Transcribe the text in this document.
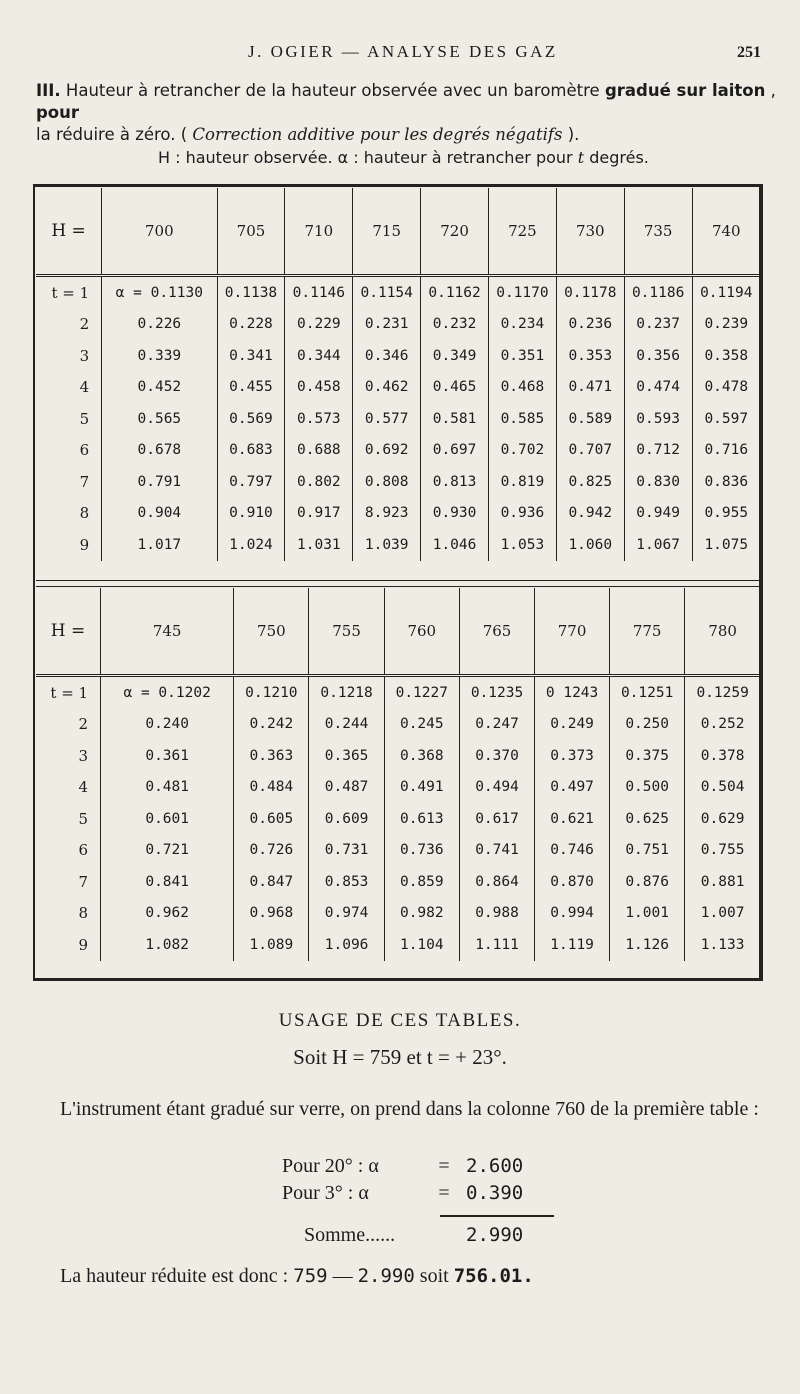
J. OGIER — ANALYSE DES GAZ	251
III. Hauteur à retrancher de la hauteur observée avec un baromètre gradué sur laiton , pour
la réduire à zéro. ( Correction additive pour les degrés négatifs ).
H : hauteur observée. α : hauteur à retrancher pour t degrés.
H =	700	705	710	715	720	725	730	735	740

t = 1	α = 0.1130	0.1138	0.1146	0.1154	0.1162	0.1170	0.1178	0.1186	0.1194
2	0.226	0.228	0.229	0.231	0.232	0.234	0.236	0.237	0.239
3	0.339	0.341	0.344	0.346	0.349	0.351	0.353	0.356	0.358
4	0.452	0.455	0.458	0.462	0.465	0.468	0.471	0.474	0.478
5	0.565	0.569	0.573	0.577	0.581	0.585	0.589	0.593	0.597
6	0.678	0.683	0.688	0.692	0.697	0.702	0.707	0.712	0.716
7	0.791	0.797	0.802	0.808	0.813	0.819	0.825	0.830	0.836
8	0.904	0.910	0.917	8.923	0.930	0.936	0.942	0.949	0.955
9	1.017	1.024	1.031	1.039	1.046	1.053	1.060	1.067	1.075
H =	745	750	755	760	765	770	775	780

t = 1	α = 0.1202	0.1210	0.1218	0.1227	0.1235	0 1243	0.1251	0.1259
2	0.240	0.242	0.244	0.245	0.247	0.249	0.250	0.252
3	0.361	0.363	0.365	0.368	0.370	0.373	0.375	0.378
4	0.481	0.484	0.487	0.491	0.494	0.497	0.500	0.504
5	0.601	0.605	0.609	0.613	0.617	0.621	0.625	0.629
6	0.721	0.726	0.731	0.736	0.741	0.746	0.751	0.755
7	0.841	0.847	0.853	0.859	0.864	0.870	0.876	0.881
8	0.962	0.968	0.974	0.982	0.988	0.994	1.001	1.007
9	1.082	1.089	1.096	1.104	1.111	1.119	1.126	1.133
USAGE DE CES TABLES.
Soit H = 759 et t = + 23°.
L'instrument étant gradué sur verre, on prend dans la colonne 760 de la première table :
Pour 20° : α	= 2.600
Pour 3° : α	= 0.390
Somme......	2.990
La hauteur réduite est donc : 759 — 2.990 soit 756.01.
